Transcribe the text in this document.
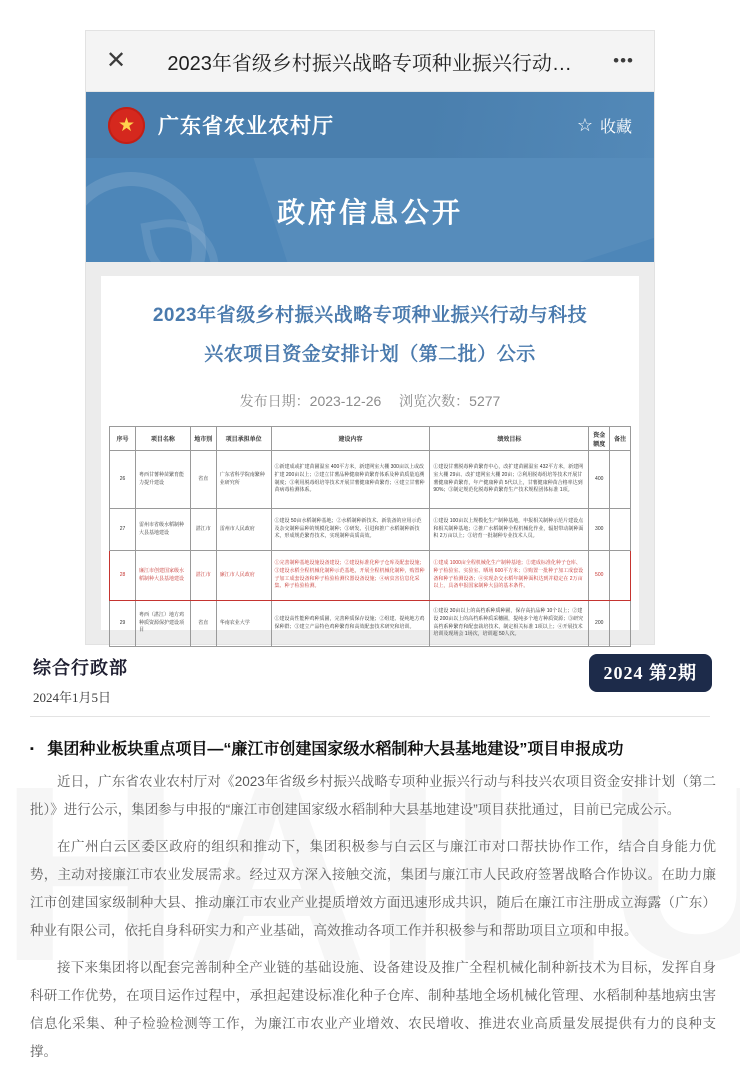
✕	2023年省级乡村振兴战略专项种业振兴行动…	•••
★ 广东省农业农村厅	☆ 收藏
政府信息公开
2023年省级乡村振兴战略专项种业振兴行动与科技
兴农项目资金安排计划（第二批）公示
发布日期：2023-12-26 浏览次数：5277
序号	项目名称	地市别	项目承担单位	建设内容	绩效目标	资金额度	备注
26	粤西甘薯种苗繁育能力提升建设	省直	广东省科学院南繁种业研究所	①新建成或扩建苗圃温室 400平方米，新建网室大棚 300亩以上或改扩建 200亩以上；②建立甘薯品种健康种苗繁育体系及种苗质量追溯制度；③利用脱毒组培等技术开展甘薯健康种苗繁育；④建立甘薯种苗病毒检测体系。	①建设甘薯脱毒种苗繁育中心，改扩建苗圃温室 432平方米，新建网室大棚 29亩、改扩建网室大棚 20亩；②利用脱毒组培等技术开展甘薯健康种苗繁育，年产健康种苗 5代以上，甘薯健康种苗合格率达到 90%；③制定规范化脱毒种苗繁育生产技术规程团体标准 1项。	400	
27	雷州市省级水稻制种大县基地建设	湛江市	雷州市人民政府	①建设 50亩水稻制种基地；②水稻制种新技术、新装备的应用示范及杂交制种品种的规模化制种；③研发、引进和推广水稻制种新技术，形成规范繁育技术，实现制种高质高效。	①建设 100亩以上规模化生产制种基地，申报相关制种示范片建设点和相关制种基地；②推广水稻制种全程机械化作业，辐射带动制种面积 2万亩以上；③培育一批制种专业技术人员。	300	
28	廉江市创建国家级水稻制种大县基地建设	湛江市	廉江市人民政府	①完善制种基地设施设备建设；②建设标准化种子仓库及配套设施；③建设水稻全程机械化制种示范基地，开展全程机械化制种，购置种子加工成套设备和种子检验检测仪器设备设施；④病虫害信息化采集、种子检验检测。	①建成 1000亩全程机械化生产制种基地；②建成标准化种子仓库、种子检验室、实验室、晒场 600平方米；③购置一批种子加工成套设备和种子检测设备；④实现杂交水稻年制种面积达到并稳定在 2万亩以上，具备申报国家制种大县的基本条件。	500	
29	粤西（湛江）地方鸡种质资源保护建设项目	省直	华南农业大学	①建设高性能种鸡种质圃，完善种质保存设施；②组建、提纯地方鸡保种群；③建立产品特色鸡种繁育和高效配套技术研究和培训。	①建设 30亩以上的高档系种质种圃，保存高抗品种 10个以上；②建设 200亩以上的高档系种质采穗圃，提纯多个地方种质资源；③研究高档系种繁育和配套栽培技术，制定相关标准 1项以上；④开展技术培训及现场会 1场次，培训超 50人次。	200	
综合行政部
2024年1月5日
2024 第2期
▪ 集团种业板块重点项目—“廉江市创建国家级水稻制种大县基地建设”项目申报成功

近日，广东省农业农村厅对《2023年省级乡村振兴战略专项种业振兴行动与科技兴农项目资金安排计划（第二批）》进行公示，集团参与申报的“廉江市创建国家级水稻制种大县基地建设”项目获批通过，目前已完成公示。

在广州白云区委区政府的组织和推动下，集团积极参与白云区与廉江市对口帮扶协作工作，结合自身能力优势，主动对接廉江市农业发展需求。经过双方深入接触交流，集团与廉江市人民政府签署战略合作协议。在助力廉江市创建国家级制种大县、推动廉江市农业产业提质增效方面迅速形成共识，随后在廉江市注册成立海露（广东）种业有限公司，依托自身科研实力和产业基础，高效推动各项工作并积极参与和帮助项目立项和申报。

接下来集团将以配套完善制种全产业链的基础设施、设备建设及推广全程机械化制种新技术为目标，发挥自身科研工作优势，在项目运作过程中，承担起建设标准化种子仓库、制种基地全场机械化管理、水稻制种基地病虫害信息化采集、种子检验检测等工作，为廉江市农业产业增效、农民增收、推进农业高质量发展提供有力的良种支撑。
